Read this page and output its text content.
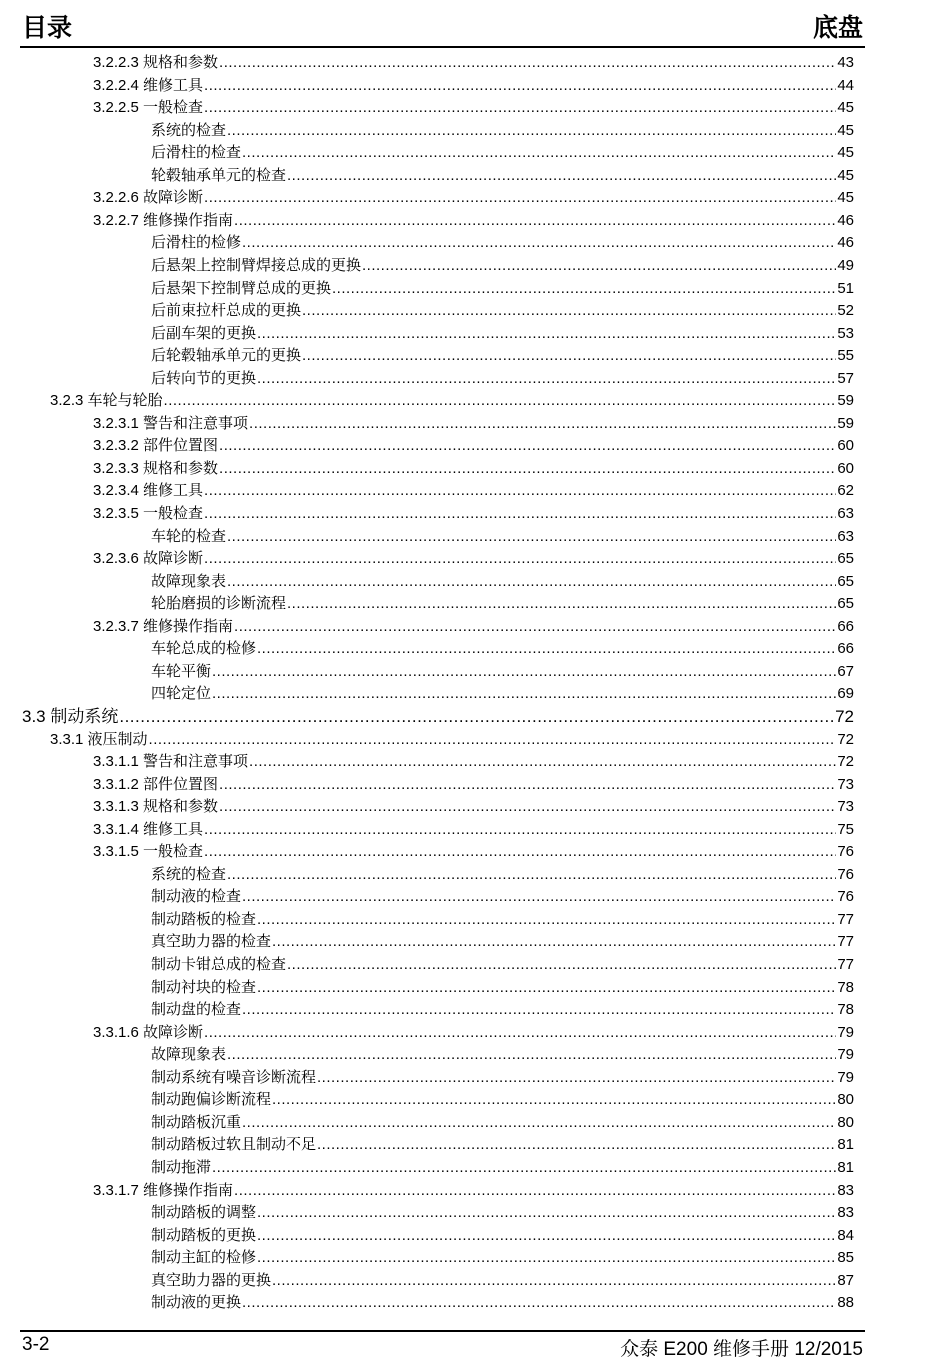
目录	底盘
3.2.2.3 规格和参数 .....	43
3.2.2.4 维修工具 .....	44
3.2.2.5 一般检查 .....	45
系统的检查 .....	45
后滑柱的检查 .....	45
轮毂轴承单元的检查 .....	45
3.2.2.6 故障诊断 .....	45
3.2.2.7 维修操作指南 .....	46
后滑柱的检修 .....	46
后悬架上控制臂焊接总成的更换 .....	49
后悬架下控制臂总成的更换 .....	51
后前束拉杆总成的更换 .....	52
后副车架的更换 .....	53
后轮毂轴承单元的更换 .....	55
后转向节的更换 .....	57
3.2.3 车轮与轮胎 .....	59
3.2.3.1 警告和注意事项 .....	59
3.2.3.2 部件位置图 .....	60
3.2.3.3 规格和参数 .....	60
3.2.3.4 维修工具 .....	62
3.2.3.5 一般检查 .....	63
车轮的检查 .....	63
3.2.3.6 故障诊断 .....	65
故障现象表 .....	65
轮胎磨损的诊断流程 .....	65
3.2.3.7 维修操作指南 .....	66
车轮总成的检修 .....	66
车轮平衡 .....	67
四轮定位 .....	69
3.3 制动系统 .....	72
3.3.1 液压制动 .....	72
3.3.1.1 警告和注意事项 .....	72
3.3.1.2 部件位置图 .....	73
3.3.1.3 规格和参数 .....	73
3.3.1.4 维修工具 .....	75
3.3.1.5 一般检查 .....	76
系统的检查 .....	76
制动液的检查 .....	76
制动踏板的检查 .....	77
真空助力器的检查 .....	77
制动卡钳总成的检查 .....	77
制动衬块的检查 .....	78
制动盘的检查 .....	78
3.3.1.6 故障诊断 .....	79
故障现象表 .....	79
制动系统有噪音诊断流程 .....	79
制动跑偏诊断流程 .....	80
制动踏板沉重 .....	80
制动踏板过软且制动不足 .....	81
制动拖滞 .....	81
3.3.1.7 维修操作指南 .....	83
制动踏板的调整 .....	83
制动踏板的更换 .....	84
制动主缸的检修 .....	85
真空助力器的更换 .....	87
制动液的更换 .....	88
3-2	众泰 E200 维修手册 12/2015
